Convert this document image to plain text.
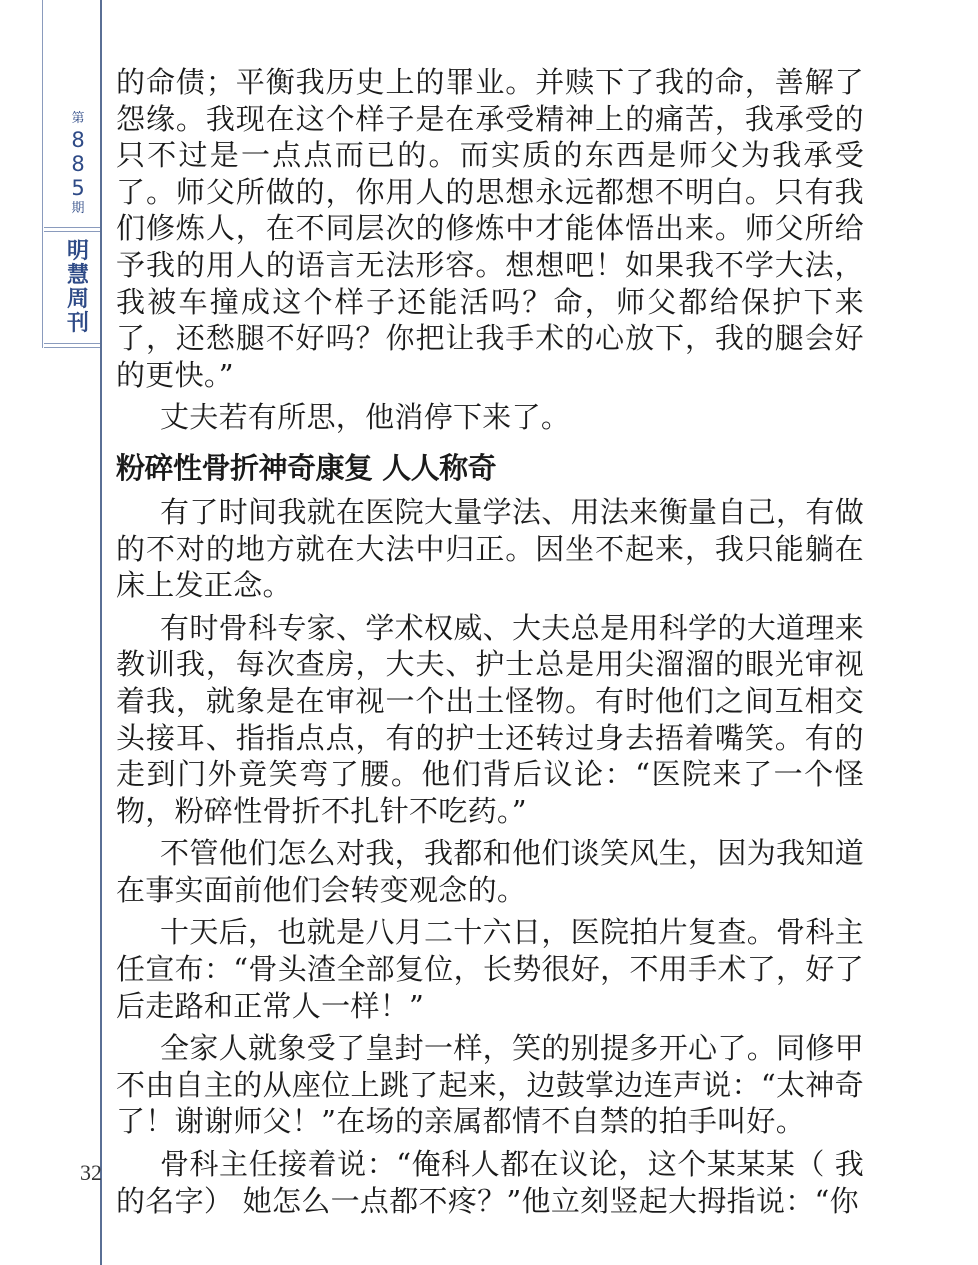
第
8
8
5
期
明
慧
周
刊
32

的命债；平衡我历史上的罪业。并赎下了我的命，善解了怨缘。我现在这个样子是在承受精神上的痛苦，我承受的只不过是一点点而已的。而实质的东西是师父为我承受了。师父所做的，你用人的思想永远都想不明白。只有我们修炼人，在不同层次的修炼中才能体悟出来。师父所给予我的用人的语言无法形容。想想吧！如果我不学大法，我被车撞成这个样子还能活吗？命，师父都给保护下来了，还愁腿不好吗？你把让我手术的心放下，我的腿会好的更快。”

丈夫若有所思，他消停下来了。

粉碎性骨折神奇康复 人人称奇

有了时间我就在医院大量学法、用法来衡量自己，有做的不对的地方就在大法中归正。因坐不起来，我只能躺在床上发正念。

有时骨科专家、学术权威、大夫总是用科学的大道理来教训我，每次查房，大夫、护士总是用尖溜溜的眼光审视着我，就象是在审视一个出土怪物。有时他们之间互相交头接耳、指指点点，有的护士还转过身去捂着嘴笑。有的走到门外竟笑弯了腰。他们背后议论：“医院来了一个怪物，粉碎性骨折不扎针不吃药。”

不管他们怎么对我，我都和他们谈笑风生，因为我知道在事实面前他们会转变观念的。

十天后，也就是八月二十六日，医院拍片复查。骨科主任宣布：“骨头渣全部复位，长势很好，不用手术了，好了后走路和正常人一样！”

全家人就象受了皇封一样，笑的别提多开心了。同修甲不由自主的从座位上跳了起来，边鼓掌边连声说：“太神奇了！谢谢师父！”在场的亲属都情不自禁的拍手叫好。

骨科主任接着说：“俺科人都在议论，这个某某某（ 我的名字） 她怎么一点都不疼？”他立刻竖起大拇指说：“你
